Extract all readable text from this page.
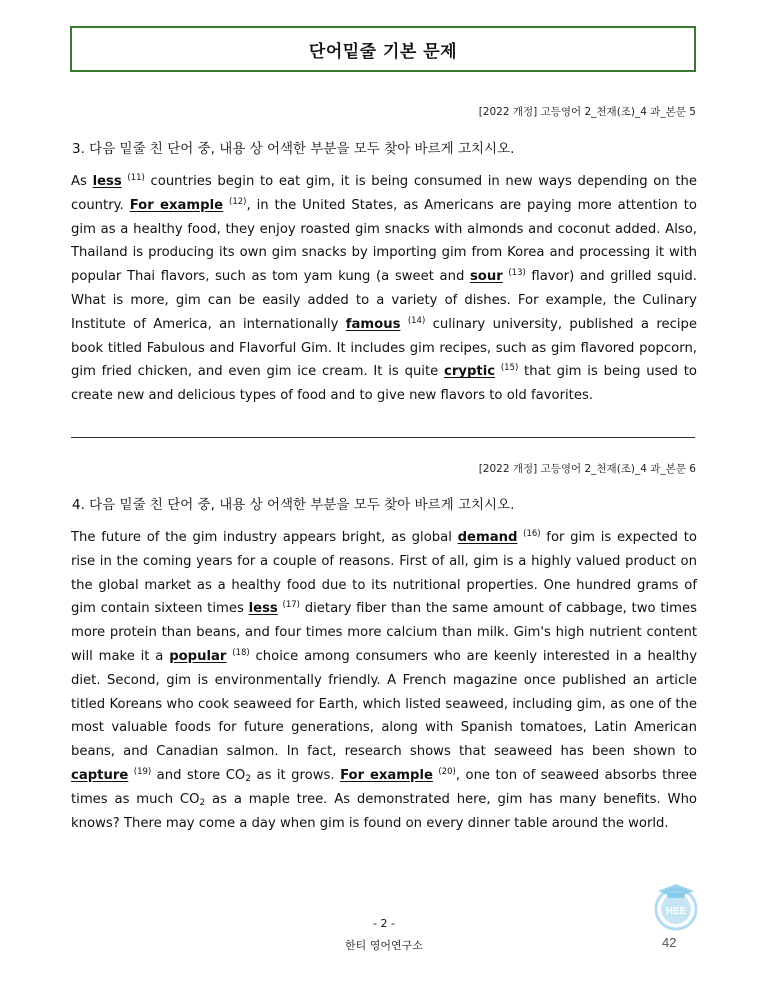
단어밑줄 기본 문제
[2022 개정] 고등영어 2_천재(조)_4 과_본문 5
3. 다음 밑줄 친 단어 중, 내용 상 어색한 부분을 모두 찾아 바르게 고치시오.
As less $^{(11)}$ countries begin to eat gim, it is being consumed in new ways depending on the country. For example $^{(12)}$, in the United States, as Americans are paying more attention to gim as a healthy food, they enjoy roasted gim snacks with almonds and coconut added. Also, Thailand is producing its own gim snacks by importing gim from Korea and processing it with popular Thai flavors, such as tom yam kung (a sweet and sour $^{(13)}$ flavor) and grilled squid. What is more, gim can be easily added to a variety of dishes. For example, the Culinary Institute of America, an internationally famous $^{(14)}$ culinary university, published a recipe book titled Fabulous and Flavorful Gim. It includes gim recipes, such as gim flavored popcorn, gim fried chicken, and even gim ice cream. It is quite cryptic $^{(15)}$ that gim is being used to create new and delicious types of food and to give new flavors to old favorites.
[2022 개정] 고등영어 2_천재(조)_4 과_본문 6
4. 다음 밑줄 친 단어 중, 내용 상 어색한 부분을 모두 찾아 바르게 고치시오.
The future of the gim industry appears bright, as global demand $^{(16)}$ for gim is expected to rise in the coming years for a couple of reasons. First of all, gim is a highly valued product on the global market as a healthy food due to its nutritional properties. One hundred grams of gim contain sixteen times less $^{(17)}$ dietary fiber than the same amount of cabbage, two times more protein than beans, and four times more calcium than milk. Gim's high nutrient content will make it a popular $^{(18)}$ choice among consumers who are keenly interested in a healthy diet. Second, gim is environmentally friendly. A French magazine once published an article titled Koreans who cook seaweed for Earth, which listed seaweed, including gim, as one of the most valuable foods for future generations, along with Spanish tomatoes, Latin American beans, and Canadian salmon. In fact, research shows that seaweed has been shown to capture $^{(19)}$ and store $CO_2$ as it grows. For example $^{(20)}$, one ton of seaweed absorbs three times as much $CO_2$ as a maple tree. As demonstrated here, gim has many benefits. Who knows? There may come a day when gim is found on every dinner table around the world.
- 2 -
한티 영어연구소
HEE
42
